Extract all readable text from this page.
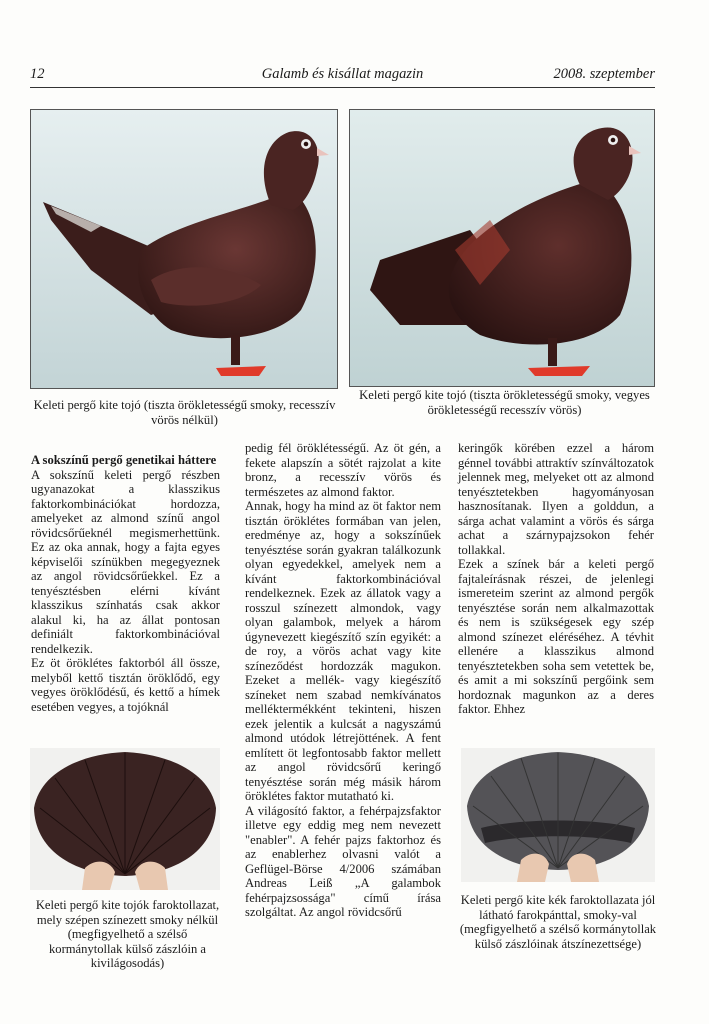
12	Galamb és kisállat magazin	2008. szeptember
Keleti pergő kite tojó (tiszta örökletességű smoky, recesszív vörös nélkül)
Keleti pergő kite tojó (tiszta örökletességű smoky, vegyes örökletességű recesszív vörös)

A sokszínű pergő genetikai háttere

A sokszínű keleti pergő részben ugyanazokat a klasszikus faktorkombinációkat hordozza, amelyeket az almond színű angol rövidcsőrűeknél megismerhettünk. Ez az oka annak, hogy a fajta egyes képviselői színükben megegyeznek az angol rövidcsőrűekkel. Ez a tenyésztésben elérni kívánt klasszikus színhatás csak akkor alakul ki, ha az állat pontosan definiált faktorkombinációval rendelkezik.

Ez öt öröklétes faktorból áll össze, melyből kettő tisztán öröklődő, egy vegyes öröklődésű, és kettő a hímek esetében vegyes, a tojóknál

pedig fél öröklétességű. Az öt gén, a fekete alapszín a sötét rajzolat a kite bronz, a recesszív vörös és természetes az almond faktor.

Annak, hogy ha mind az öt faktor nem tisztán öröklétes formában van jelen, eredménye az, hogy a sokszínűek tenyésztése során gyakran találkozunk olyan egyedekkel, amelyek nem a kívánt faktorkombinációval rendelkeznek. Ezek az állatok vagy a rosszul színezett almondok, vagy olyan galambok, melyek a három úgynevezett kiegészítő szín egyikét: a de roy, a vörös achat vagy kite színeződést hordozzák magukon. Ezeket a mellék- vagy kiegészítő színeket nem szabad nemkívánatos melléktermékként tekinteni, hiszen ezek jelentik a kulcsát a nagyszámú almond utódok létrejöttének. A fent említett öt legfontosabb faktor mellett az angol rövidcsőrű keringő tenyésztése során még másik három öröklétes faktor mutatható ki.

A világosító faktor, a fehérpajzsfaktor illetve egy eddig meg nem nevezett "enabler". A fehér pajzs faktorhoz és az enablerhez olvasni valót a Geflügel-Börse 4/2006 számában Andreas Leiß „A galambok fehérpajzsossága" című írása szolgáltat. Az angol rövidcsőrű

keringők körében ezzel a három génnel további attraktív színváltozatok jelennek meg, melyeket ott az almond tenyésztetekben hagyományosan hasznosítanak. Ilyen a golddun, a sárga achat valamint a vörös és sárga achat a szárnypajzsokon fehér tollakkal.

Ezek a színek bár a keleti pergő fajtaleírásnak részei, de jelenlegi ismereteim szerint az almond pergők tenyésztése során nem alkalmazottak és nem is szükségesek egy szép almond színezet eléréséhez. A tévhit ellenére a klasszikus almond tenyésztetekben soha sem vetettek be, és amit a mi sokszínű pergőink sem hordoznak magunkon az a deres faktor. Ehhez

Keleti pergő kite tojók faroktollazat, mely szépen színezett smoky nélkül (megfigyelhető a szélső kormánytollak külső zászlóin a kivilágosodás)
Keleti pergő kite kék faroktollazata jól látható farokpánttal, smoky-val (megfigyelhető a szélső kormánytollak külső zászlóinak átszínezettsége)
